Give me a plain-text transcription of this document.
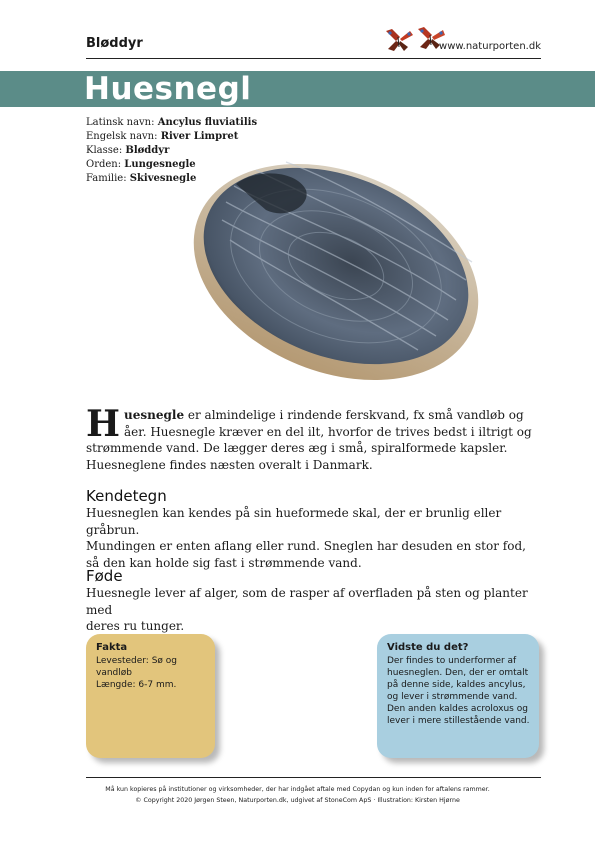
Bløddyr	www.naturporten.dk
Huesnegl
Latinsk navn: Ancylus fluviatilis
Engelsk navn: River Limpret
Klasse: Bløddyr
Orden: Lungesnegle
Familie: Skivesnegle
Huesnegle er almindelige i rindende ferskvand, fx små vandløb og åer. Huesnegle kræver en del ilt, hvorfor de trives bedst i iltrigt og strømmende vand. De lægger deres æg i små, spiralformede kapsler. Huesneglene findes næsten overalt i Danmark.
Kendetegn
Huesneglen kan kendes på sin hueformede skal, der er brunlig eller gråbrun.
Mundingen er enten aflang eller rund. Sneglen har desuden en stor fod,
så den kan holde sig fast i strømmende vand.
Føde
Huesnegle lever af alger, som de rasper af overfladen på sten og planter med
deres ru tunger.
Fakta

Levesteder: Sø og vandløb

Længde: 6-7 mm.

Vidste du det?

Der findes to underformer af

huesneglen. Den, der er omtalt

på denne side, kaldes ancylus,

og lever i strømmende vand.

Den anden kaldes acroloxus og

lever i mere stillestående vand.

Må kun kopieres på institutioner og virksomheder, der har indgået aftale med Copydan og kun inden for aftalens rammer.
© Copyright 2020 Jørgen Steen, Naturporten.dk, udgivet af StoneCom ApS · Illustration: Kirsten Hjørne
